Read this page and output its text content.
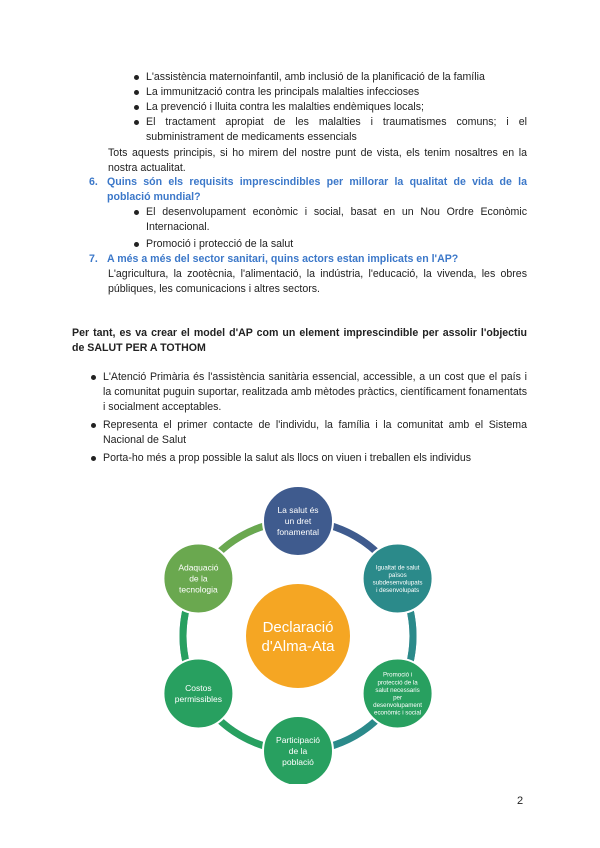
L'assistència maternoinfantil, amb inclusió de la planificació de la família
La immunització contra les principals malalties infeccioses
La prevenció i lluita contra les malalties endèmiques locals;
El tractament apropiat de les malalties i traumatismes comuns; i el subministrament de medicaments essencials
Tots aquests principis, si ho mirem del nostre punt de vista, els tenim nosaltres en la nostra actualitat.
6. Quins són els requisits imprescindibles per millorar la qualitat de vida de la població mundial?
El desenvolupament econòmic i social, basat en un Nou Ordre Econòmic Internacional.
Promoció i protecció de la salut
7. A més a més del sector sanitari, quins actors estan implicats en l'AP?
L'agricultura, la zootècnia, l'alimentació, la indústria, l'educació, la vivenda, les obres públiques, les comunicacions i altres sectors.
Per tant, es va crear el model d'AP com un element imprescindible per assolir l'objectiu de SALUT PER A TOTHOM
L'Atenció Primària és l'assistència sanitària essencial, accessible, a un cost que el país i la comunitat puguin suportar, realitzada amb mètodes pràctics, científicament fonamentats i socialment acceptables.
Representa el primer contacte de l'individu, la família i la comunitat amb el Sistema Nacional de Salut
Porta-ho més a prop possible la salut als llocs on viuen i treballen els individus
Declaració d'Alma-Ata
La salut és un dret fonamental
Igualtat de salut països subdesenvolupats i desenvolupats
Promoció i protecció de la salut necessaris per desenvolupament econòmic i social
Participació de la població
Costos permissibles
Adaquació de la tecnologia
2
